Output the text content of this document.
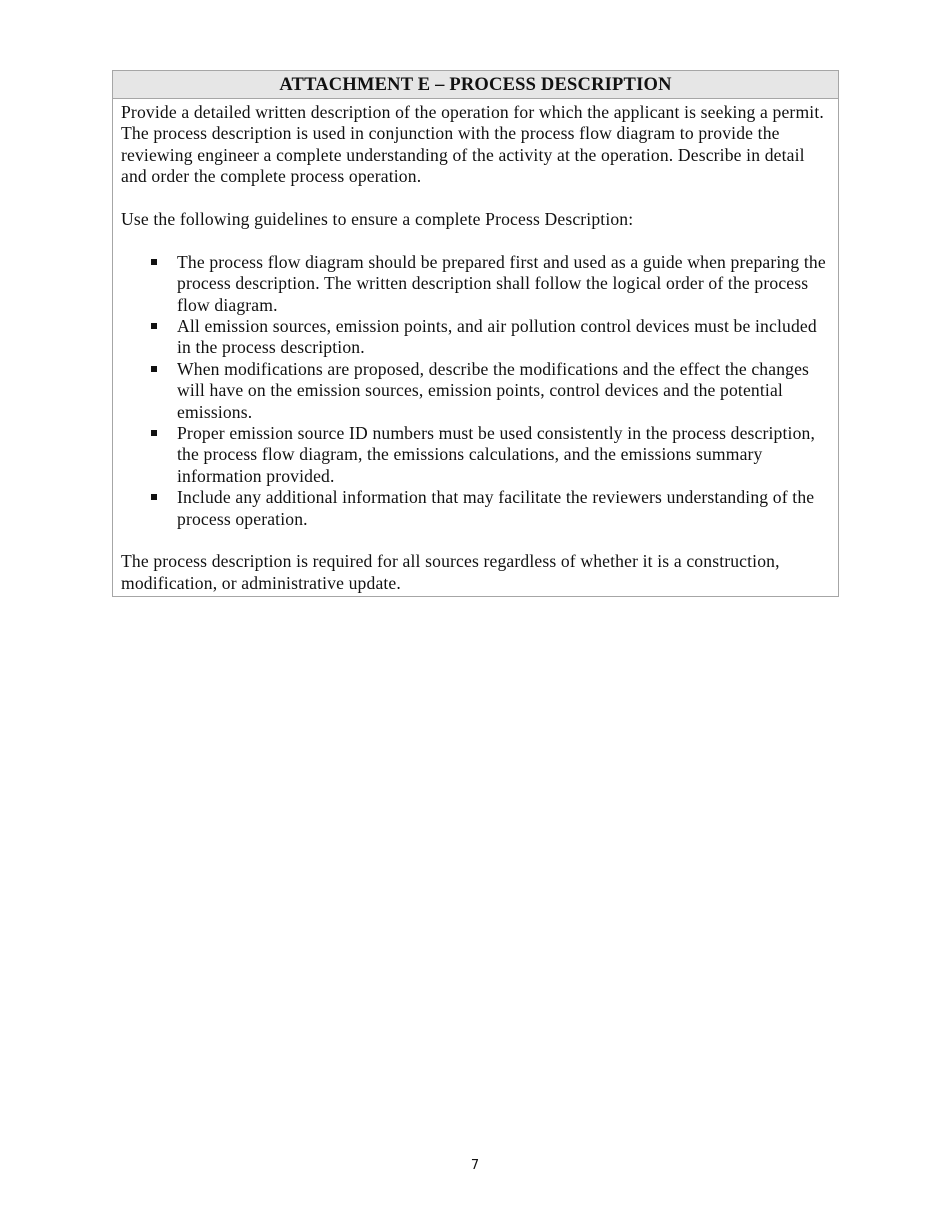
ATTACHMENT E – PROCESS DESCRIPTION

Provide a detailed written description of the operation for which the applicant is seeking a permit. The process description is used in conjunction with the process flow diagram to provide the reviewing engineer a complete understanding of the activity at the operation. Describe in detail and order the complete process operation.

Use the following guidelines to ensure a complete Process Description:

The process flow diagram should be prepared first and used as a guide when preparing the process description. The written description shall follow the logical order of the process flow diagram.
All emission sources, emission points, and air pollution control devices must be included in the process description.
When modifications are proposed, describe the modifications and the effect the changes will have on the emission sources, emission points, control devices and the potential emissions.
Proper emission source ID numbers must be used consistently in the process description, the process flow diagram, the emissions calculations, and the emissions summary information provided.
Include any additional information that may facilitate the reviewers understanding of the process operation.

The process description is required for all sources regardless of whether it is a construction, modification, or administrative update.

7
